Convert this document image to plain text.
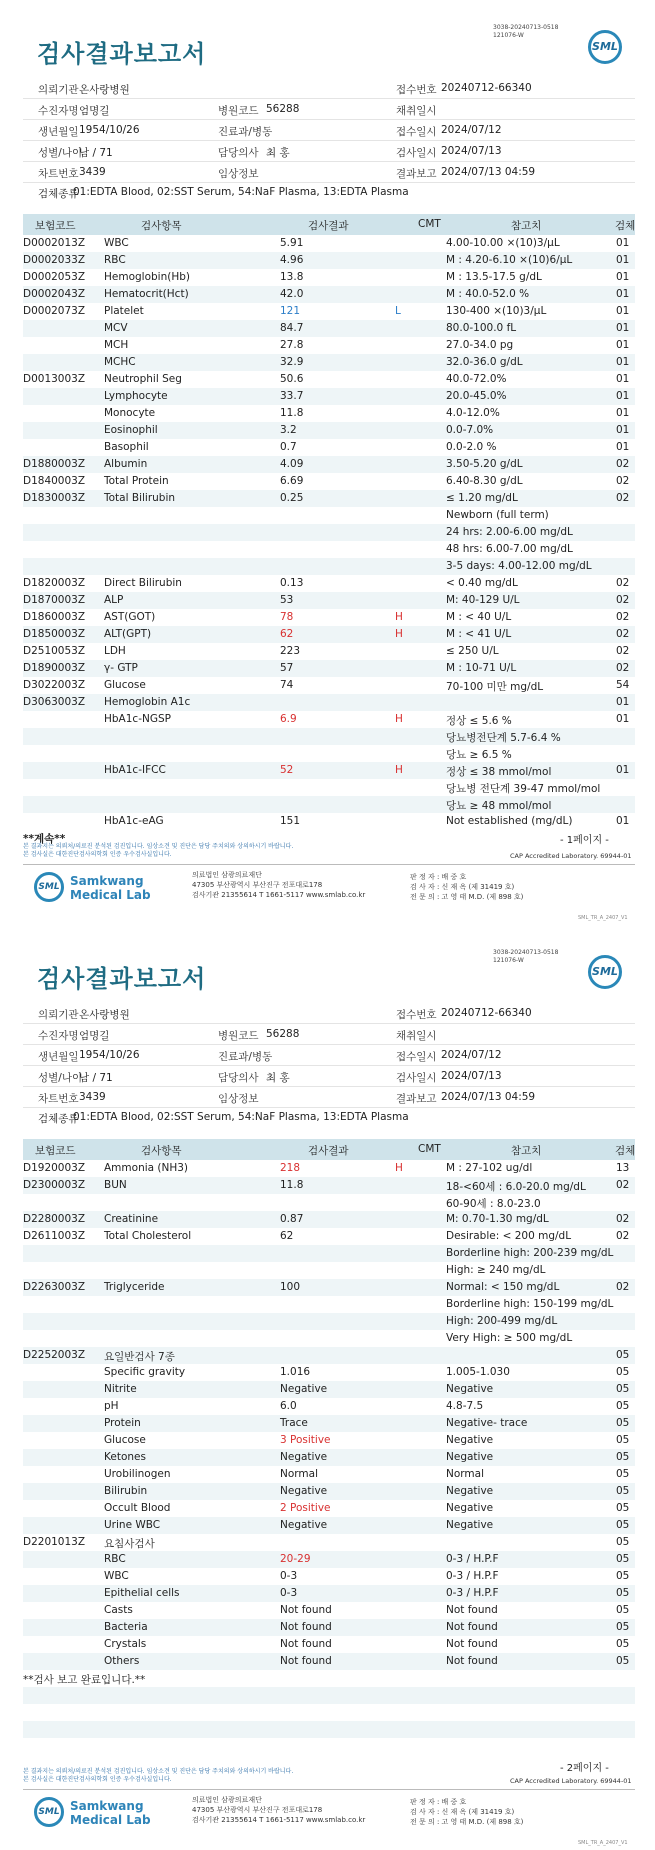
3038-20240713-0518
121076-W
검사결과보고서	SML
의뢰기관 온사랑병원	접수번호 20240712-66340
수진자명 엄명길	병원코드 56288	채취일시
생년월일 1954/10/26	진료과/병동	접수일시 2024/07/12
성별/나이
남 / 71	담당의사 최 홍	검사일시 2024/07/13
차트번호 3439	임상정보	결과보고 2024/07/13 04:59
검체종류
01:EDTA Blood, 02:SST Serum, 54:NaF Plasma, 13:EDTA Plasma
보험코드	검사항목	검사결과	CMT	참고치	검체
D0002013Z WBC	5.91	4.00-10.00 ×(10)3/μL	01
D0002033Z RBC	4.96	M : 4.20-6.10 ×(10)6/μL	01
D0002053Z Hemoglobin(Hb)	13.8	M : 13.5-17.5 g/dL	01
D0002043Z Hematocrit(Hct)	42.0	M : 40.0-52.0 %	01
D0002073Z Platelet	121	L	130-400 ×(10)3/μL	01
MCV	84.7	80.0-100.0 fL	01
MCH	27.8	27.0-34.0 pg	01
MCHC	32.9	32.0-36.0 g/dL	01
D0013003Z Neutrophil Seg	50.6	40.0-72.0%	01
Lymphocyte	33.7	20.0-45.0%	01
Monocyte	11.8	4.0-12.0%	01
Eosinophil	3.2	0.0-7.0%	01
Basophil	0.7	0.0-2.0 %	01
D1880003Z Albumin	4.09	3.50-5.20 g/dL	02
D1840003Z Total Protein	6.69	6.40-8.30 g/dL	02
D1830003Z Total Bilirubin	0.25	≤ 1.20 mg/dL	02
Newborn (full term)
24 hrs: 2.00-6.00 mg/dL
48 hrs: 6.00-7.00 mg/dL
3-5 days: 4.00-12.00 mg/dL
D1820003Z Direct Bilirubin	0.13	< 0.40 mg/dL	02
D1870003Z ALP	53	M: 40-129 U/L	02
D1860003Z AST(GOT)	78	H	M : < 40 U/L	02
D1850003Z ALT(GPT)	62	H	M : < 41 U/L	02
D2510053Z LDH	223	≤ 250 U/L	02
D1890003Z γ- GTP	57	M : 10-71 U/L	02
D3022003Z Glucose	74	70-100 미만 mg/dL	54
D3063003Z Hemoglobin A1c	01
HbA1c-NGSP	6.9	H	정상 ≤ 5.6 %	01
당뇨병전단계 5.7-6.4 %
당뇨 ≥ 6.5 %
HbA1c-IFCC	52	H	정상 ≤ 38 mmol/mol	01
당뇨병 전단계 39-47 mmol/mol
당뇨 ≥ 48 mmol/mol
HbA1c-eAG	151	Not established (mg/dL)	01
**계속**	- 1페이지 -
본 결과지는 의뢰처/의료진 분석된 검진입니다. 임상소견 및 진단은 담당 주치의와 상의하시기 바랍니다.
본 검사실은 대한진단검사의학회 인증 우수검사실입니다.	CAP Accredited Laboratory. 69944-01
SML Samkwang
Medical Lab
의료법인 삼광의료재단
47305 부산광역시 부산진구 전포대로178
검사기관 21355614 T 1661-5117 www.smlab.co.kr
판 정 자 : 배 중 호
검 사 자 : 신 재 옥 (제 31419 호)
전 문 의 : 고 영 태 M.D. (제 898 호)
SML_TR_A_2407_V1
3038-20240713-0518
121076-W
검사결과보고서	SML
의뢰기관 온사랑병원	접수번호 20240712-66340
수진자명 엄명길	병원코드 56288	채취일시
생년월일 1954/10/26	진료과/병동	접수일시 2024/07/12
성별/나이
남 / 71	담당의사 최 홍	검사일시 2024/07/13
차트번호 3439	임상정보	결과보고 2024/07/13 04:59
검체종류
01:EDTA Blood, 02:SST Serum, 54:NaF Plasma, 13:EDTA Plasma
보험코드	검사항목	검사결과	CMT	참고치	검체
D1920003Z Ammonia (NH3)	218	H	M : 27-102 ug/dl	13
D2300003Z BUN	11.8	18-<60세 : 6.0-20.0 mg/dL	02
60-90세 : 8.0-23.0
D2280003Z Creatinine	0.87	M: 0.70-1.30 mg/dL	02
D2611003Z Total Cholesterol	62	Desirable: < 200 mg/dL	02
Borderline high: 200-239 mg/dL
High: ≥ 240 mg/dL
D2263003Z Triglyceride	100	Normal: < 150 mg/dL	02
Borderline high: 150-199 mg/dL
High: 200-499 mg/dL
Very High: ≥ 500 mg/dL
D2252003Z 요일반검사 7종	05
Specific gravity	1.016	1.005-1.030	05
Nitrite	Negative	Negative	05
pH	6.0	4.8-7.5	05
Protein	Trace	Negative- trace	05
Glucose	3 Positive	Negative	05
Ketones	Negative	Negative	05
Urobilinogen	Normal	Normal	05
Bilirubin	Negative	Negative	05
Occult Blood	2 Positive	Negative	05
Urine WBC	Negative	Negative	05
D2201013Z 요침사검사	05
RBC	20-29	0-3 / H.P.F	05
WBC	0-3	0-3 / H.P.F	05
Epithelial cells	0-3	0-3 / H.P.F	05
Casts	Not found	Not found	05
Bacteria	Not found	Not found	05
Crystals	Not found	Not found	05
Others	Not found	Not found	05
**검사 보고 완료입니다.**
- 2페이지 -
본 결과지는 의뢰처/의료진 분석된 검진입니다. 임상소견 및 진단은 담당 주치의와 상의하시기 바랍니다.
본 검사실은 대한진단검사의학회 인증 우수검사실입니다.	CAP Accredited Laboratory. 69944-01
SML Samkwang
Medical Lab
의료법인 삼광의료재단
47305 부산광역시 부산진구 전포대로178
검사기관 21355614 T 1661-5117 www.smlab.co.kr
판 정 자 : 배 중 호
검 사 자 : 신 재 옥 (제 31419 호)
전 문 의 : 고 영 태 M.D. (제 898 호)
SML_TR_A_2407_V1
